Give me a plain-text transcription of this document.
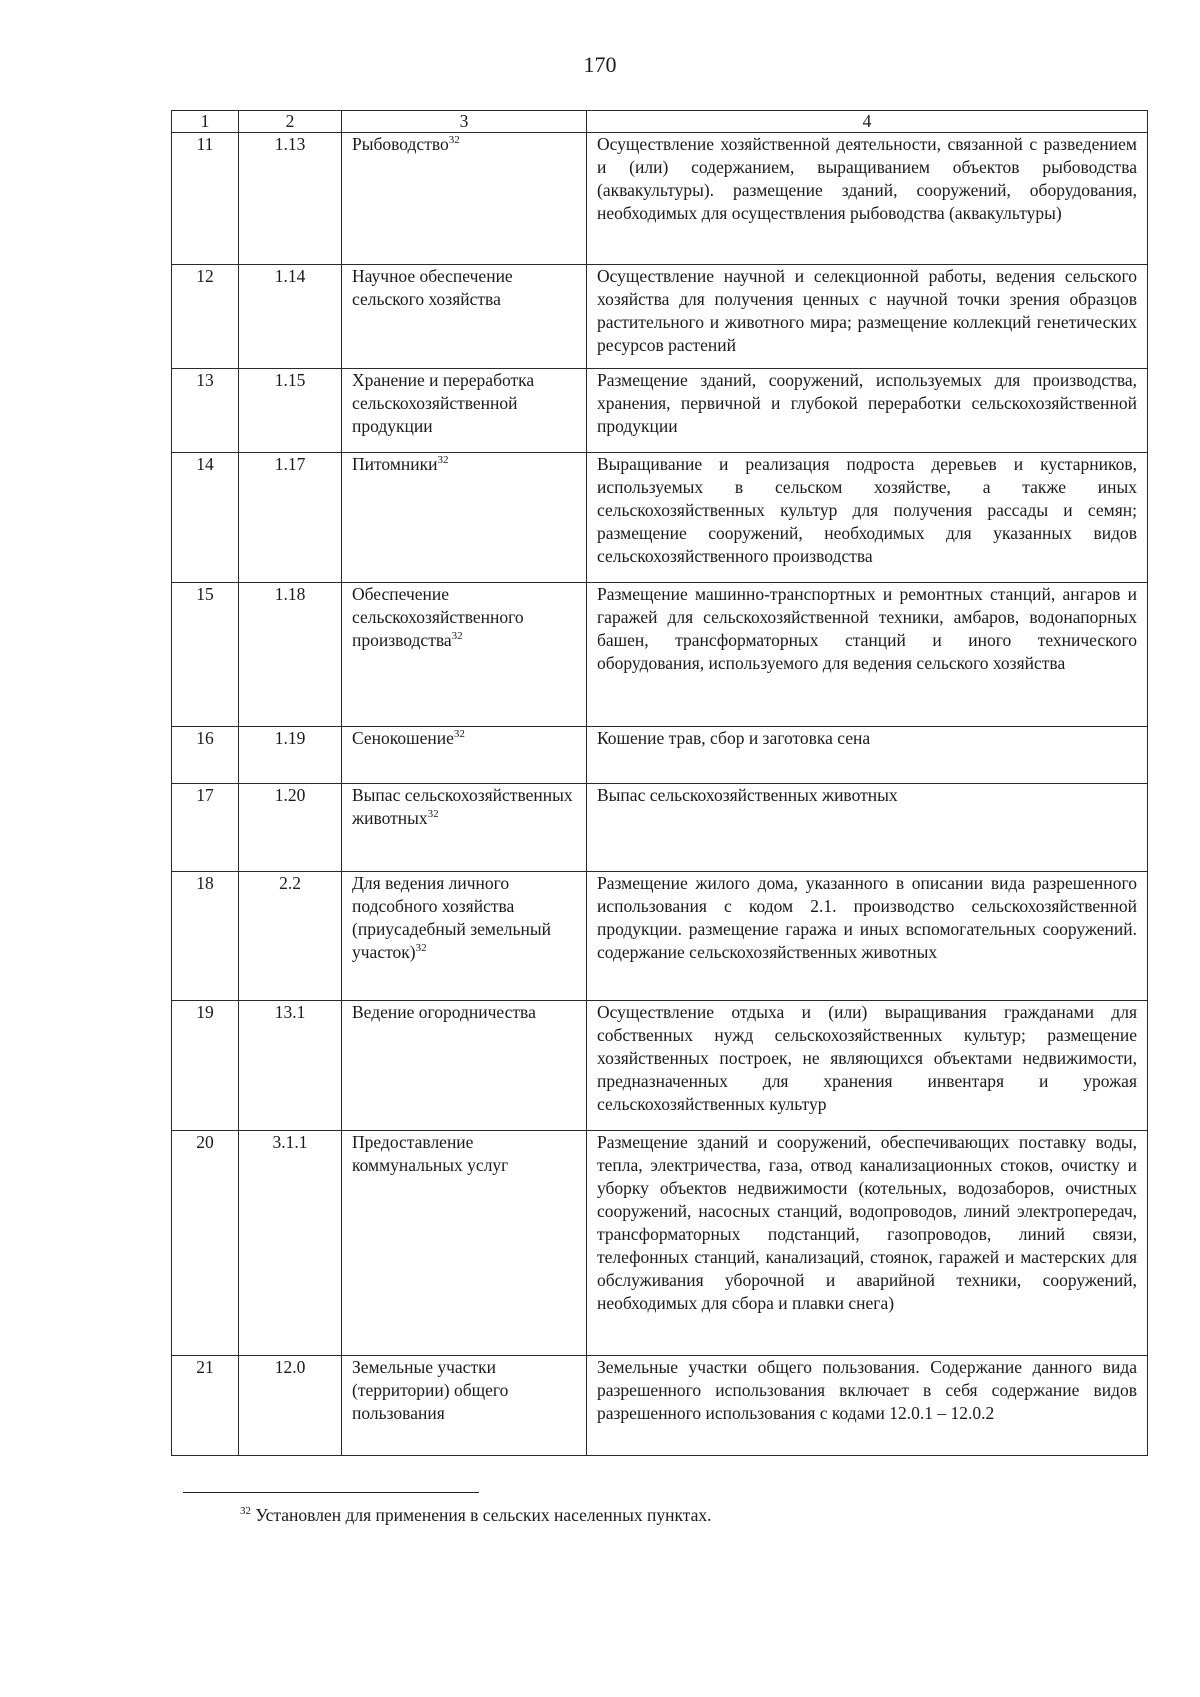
170
1	2	3	4
11	1.13	Рыбоводство$^{32}$	Осуществление хозяйственной деятельности, связанной с разведением и (или) содержанием, выращиванием объектов рыбоводства (аквакультуры). размещение зданий, сооружений, оборудования, необходимых для осуществления рыбоводства (аквакультуры)
12	1.14	Научное обеспечение сельского хозяйства	Осуществление научной и селекционной работы, ведения сельского хозяйства для получения ценных с научной точки зрения образцов растительного и животного мира; размещение коллекций генетических ресурсов растений
13	1.15	Хранение и переработка сельскохозяйственной продукции	Размещение зданий, сооружений, используемых для производства, хранения, первичной и глубокой переработки сельскохозяйственной продукции
14	1.17	Питомники$^{32}$	Выращивание и реализация подроста деревьев и кустарников, используемых в сельском хозяйстве, а также иных сельскохозяйственных культур для получения рассады и семян; размещение сооружений, необходимых для указанных видов сельскохозяйственного производства
15	1.18	Обеспечение сельскохозяйственного производства$^{32}$	Размещение машинно-транспортных и ремонтных станций, ангаров и гаражей для сельскохозяйственной техники, амбаров, водонапорных башен, трансформаторных станций и иного технического оборудования, используемого для ведения сельского хозяйства
16	1.19	Сенокошение$^{32}$	Кошение трав, сбор и заготовка сена
17	1.20	Выпас сельскохозяйственных животных$^{32}$	Выпас сельскохозяйственных животных
18	2.2	Для ведения личного подсобного хозяйства (приусадебный земельный участок)$^{32}$	Размещение жилого дома, указанного в описании вида разрешенного использования с кодом 2.1. производство сельскохозяйственной продукции. размещение гаража и иных вспомогательных сооружений. содержание сельскохозяйственных животных
19	13.1	Ведение огородничества	Осуществление отдыха и (или) выращивания гражданами для собственных нужд сельскохозяйственных культур; размещение хозяйственных построек, не являющихся объектами недвижимости, предназначенных для хранения инвентаря и урожая сельскохозяйственных культур
20	3.1.1	Предоставление коммунальных услуг	Размещение зданий и сооружений, обеспечивающих поставку воды, тепла, электричества, газа, отвод канализационных стоков, очистку и уборку объектов недвижимости (котельных, водозаборов, очистных сооружений, насосных станций, водопроводов, линий электропередач, трансформаторных подстанций, газопроводов, линий связи, телефонных станций, канализаций, стоянок, гаражей и мастерских для обслуживания уборочной и аварийной техники, сооружений, необходимых для сбора и плавки снега)
21	12.0	Земельные участки (территории) общего пользования	Земельные участки общего пользования. Содержание данного вида разрешенного использования включает в себя содержание видов разрешенного использования с кодами 12.0.1 – 12.0.2
$^{32}$ Установлен для применения в сельских населенных пунктах.
